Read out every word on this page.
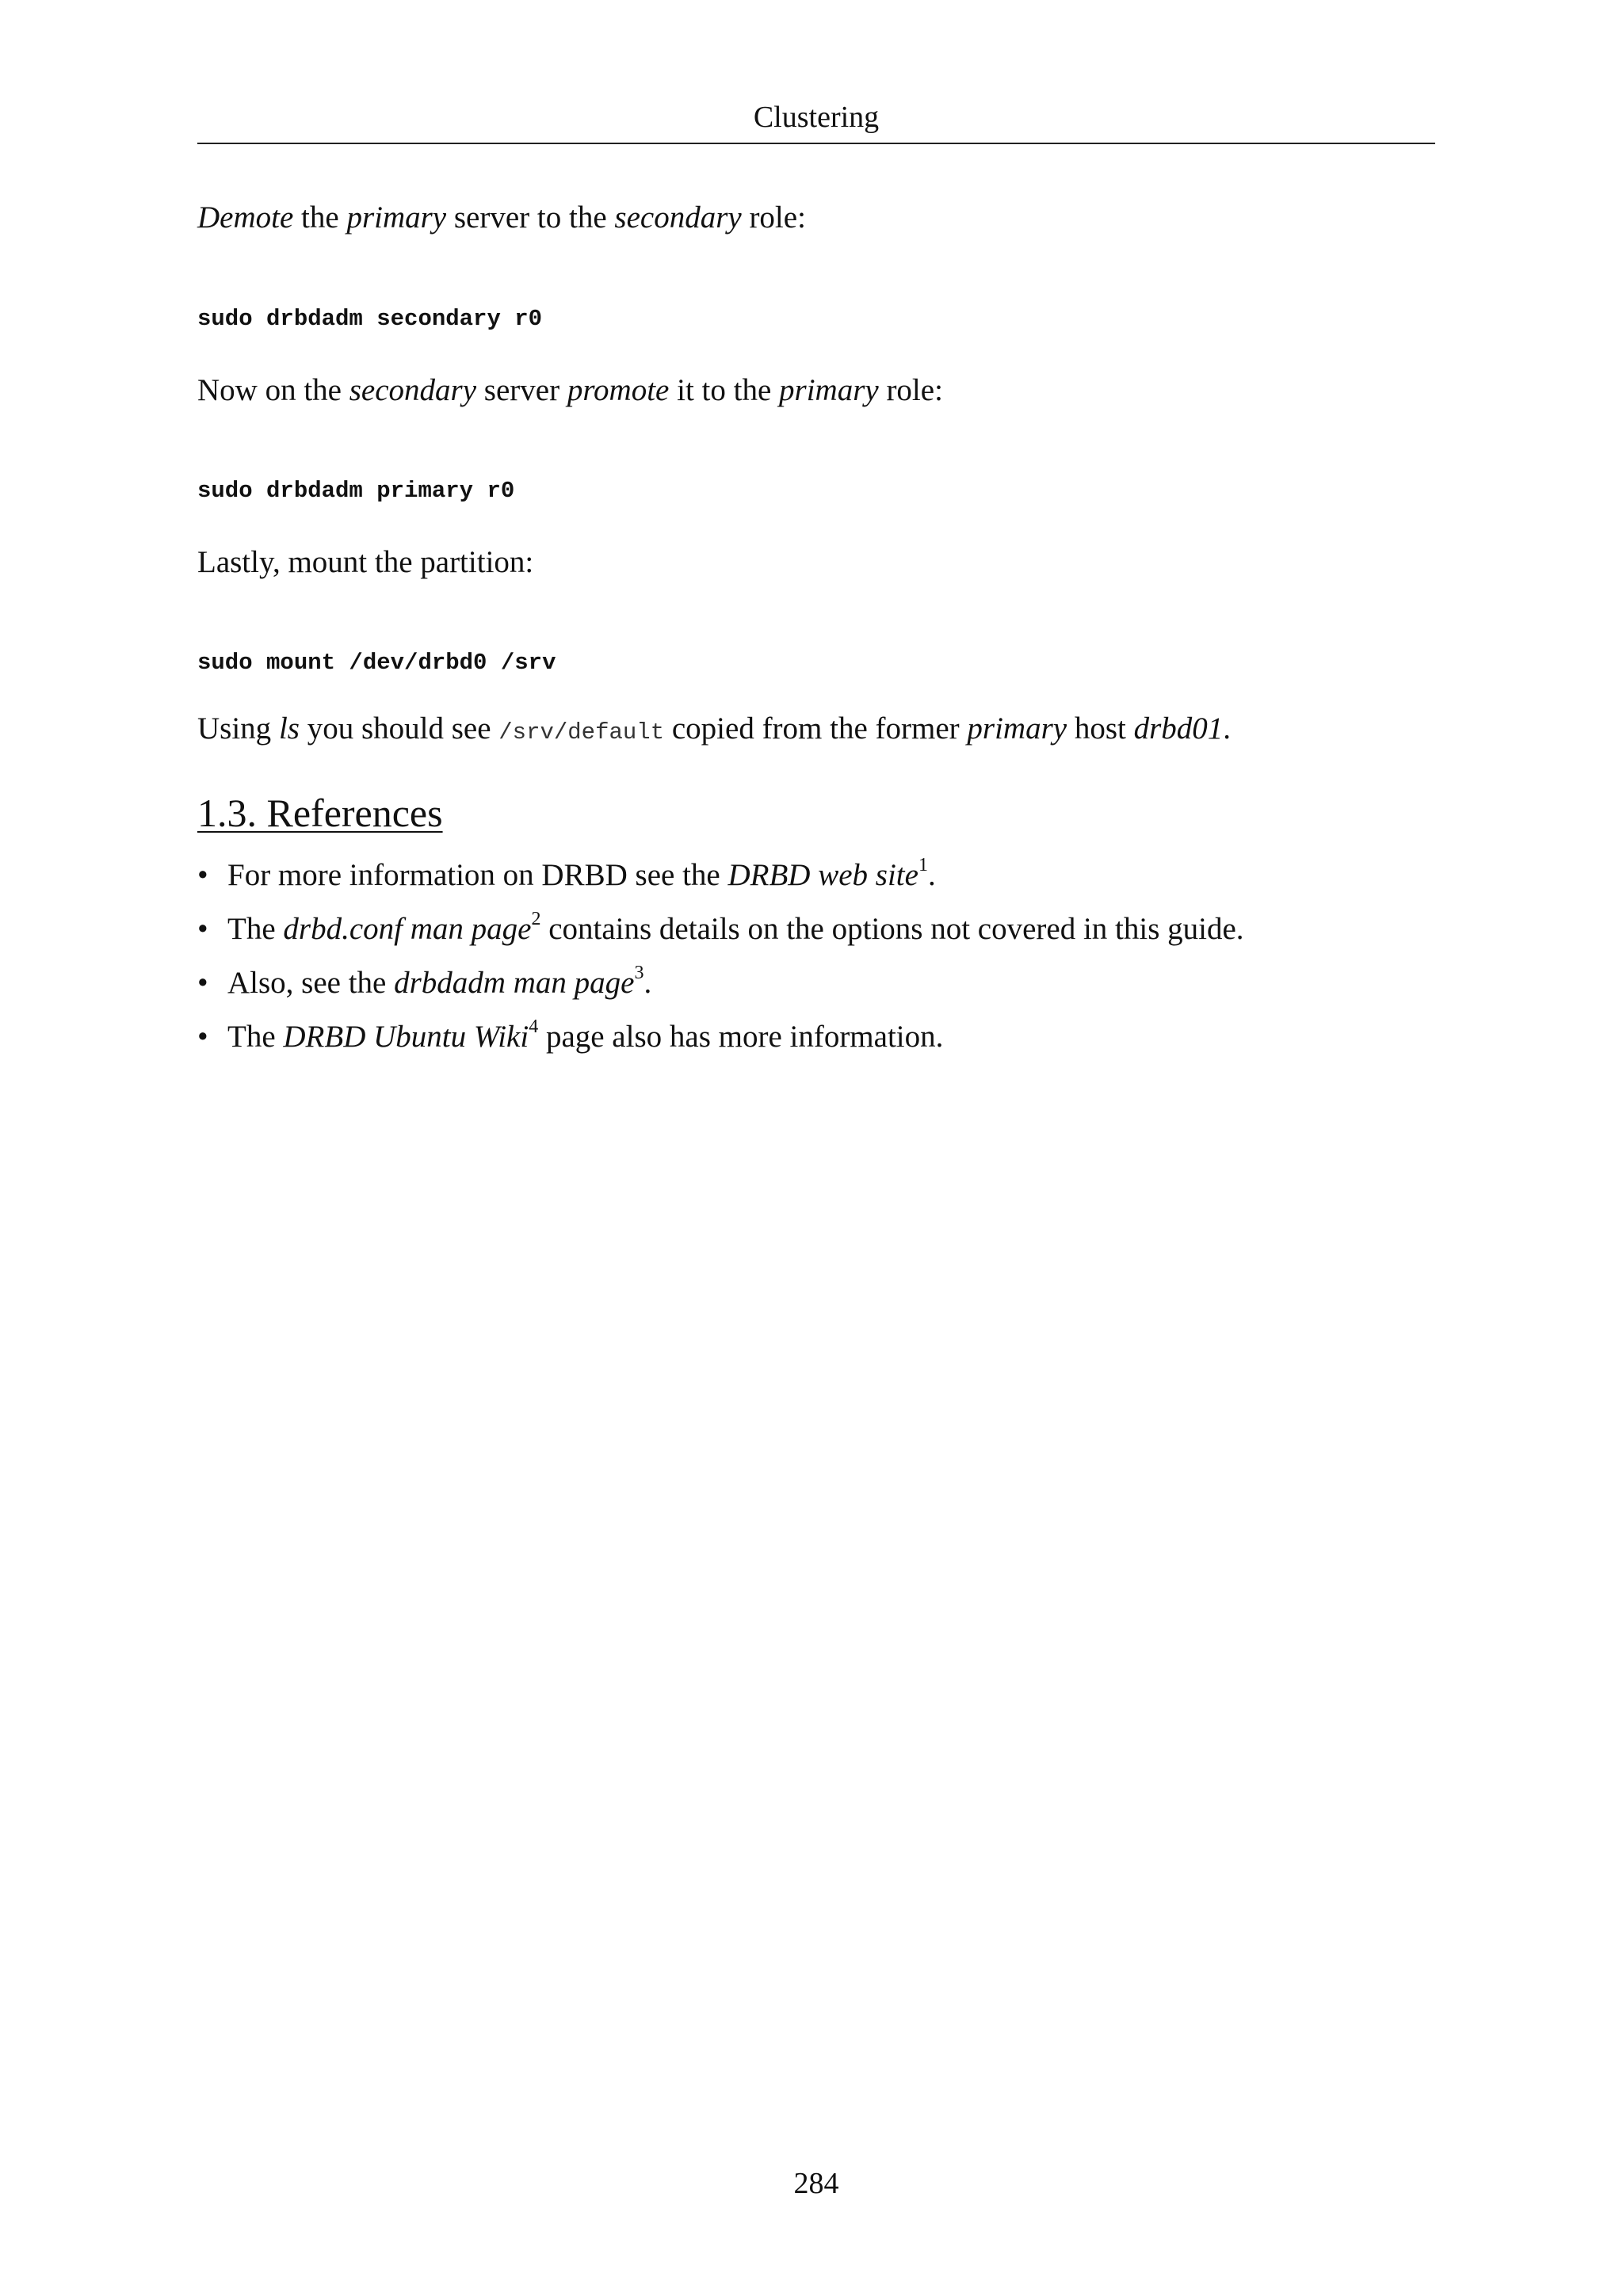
Clustering

Demote the primary server to the secondary role:

sudo drbdadm secondary r0

Now on the secondary server promote it to the primary role:

sudo drbdadm primary r0

Lastly, mount the partition:

sudo mount /dev/drbd0 /srv

Using ls you should see /srv/default copied from the former primary host drbd01.

1.3. References
• For more information on DRBD see the DRBD web site$^1$.
• The drbd.conf man page$^2$ contains details on the options not covered in this guide.
• Also, see the drbdadm man page$^3$.
• The DRBD Ubuntu Wiki$^4$ page also has more information.
284
